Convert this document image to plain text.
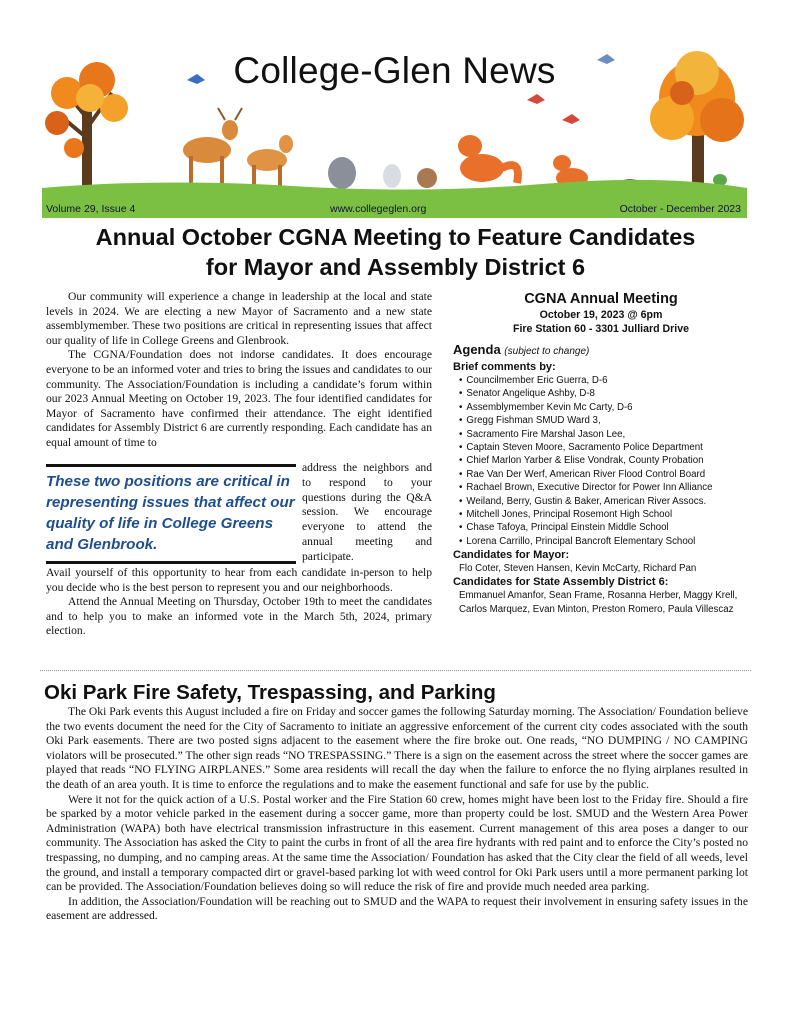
College-Glen News
Volume 29, Issue 4	www.collegeglen.org	October - December 2023
Annual October CGNA Meeting to Feature Candidates
for Mayor and Assembly District 6

Our community will experience a change in leadership at the local and state levels in 2024. We are electing a new Mayor of Sacramento and a new state assemblymember. These two positions are critical in representing issues that affect our quality of life in College Greens and Glenbrook.

The CGNA/Foundation does not indorse candidates. It does encourage everyone to be an informed voter and tries to bring the issues and candidates to our community. The Association/Foundation is including a candidate’s forum within our 2023 Annual Meeting on October 19, 2023. The four identified candidates for Mayor of Sacramento have confirmed their attendance. The eight identified candidates for Assembly District 6 are currently responding. Each candidate has an equal amount of time to

These two positions are critical in representing issues that affect our quality of life in College Greens and Glenbrook.
address the neighbors and to respond to your questions during the Q&A session. We encourage everyone to attend the annual meeting and participate.

Avail yourself of this opportunity to hear from each candidate in-person to help you decide who is the best person to represent you and our neighborhoods.

Attend the Annual Meeting on Thursday, October 19th to meet the candidates and to help you to make an informed vote in the March 5th, 2024, primary election.

CGNA Annual Meeting
October 19, 2023 @ 6pm
Fire Station 60 - 3301 Julliard Drive
Agenda (subject to change)
Brief comments by:
• Councilmember Eric Guerra, D-6
• Senator Angelique Ashby, D-8
• Assemblymember Kevin Mc Carty, D-6
• Gregg Fishman SMUD Ward 3,
• Sacramento Fire Marshal Jason Lee,
• Captain Steven Moore, Sacramento Police Department
• Chief Marlon Yarber & Elise Vondrak, County Probation
• Rae Van Der Werf, American River Flood Control Board
• Rachael Brown, Executive Director for Power Inn Alliance
• Weiland, Berry, Gustin & Baker, American River Assocs.
• Mitchell Jones, Principal Rosemont High School
• Chase Tafoya, Principal Einstein Middle School
• Lorena Carrillo, Principal Bancroft Elementary School
Candidates for Mayor:
Flo Coter, Steven Hansen, Kevin McCarty, Richard Pan
Candidates for State Assembly District 6:
Emmanuel Amanfor, Sean Frame, Rosanna Herber, Maggy Krell, Carlos Marquez, Evan Minton, Preston Romero, Paula Villescaz
Oki Park Fire Safety, Trespassing, and Parking

The Oki Park events this August included a fire on Friday and soccer games the following Saturday morning. The Association/ Foundation believe the two events document the need for the City of Sacramento to initiate an aggressive enforcement of the current city codes associated with the south Oki Park easements. There are two posted signs adjacent to the easement where the fire broke out. One reads, “NO DUMPING / NO CAMPING violators will be prosecuted.” The other sign reads “NO TRESPASSING.” There is a sign on the easement across the street where the soccer games are played that reads “NO FLYING AIRPLANES.” Some area residents will recall the day when the failure to enforce the no flying airplanes resulted in the death of an area youth. It is time to enforce the regulations and to make the easement functional and safe for use by the public.

Were it not for the quick action of a U.S. Postal worker and the Fire Station 60 crew, homes might have been lost to the Friday fire. Should a fire be sparked by a motor vehicle parked in the easement during a soccer game, more than property could be lost. SMUD and the Western Area Power Administration (WAPA) both have electrical transmission infrastructure in this easement. Current management of this area poses a danger to our community. The Association has asked the City to paint the curbs in front of all the area fire hydrants with red paint and to enforce the City’s posted no trespassing, no dumping, and no camping areas. At the same time the Association/ Foundation has asked that the City clear the field of all weeds, level the ground, and install a temporary compacted dirt or gravel-based parking lot with weed control for Oki Park users until a more permanent parking lot can be provided. The Association/Foundation believes doing so will reduce the risk of fire and provide much needed area parking.

In addition, the Association/Foundation will be reaching out to SMUD and the WAPA to request their involvement in ensuring safety issues in the easement are addressed.
